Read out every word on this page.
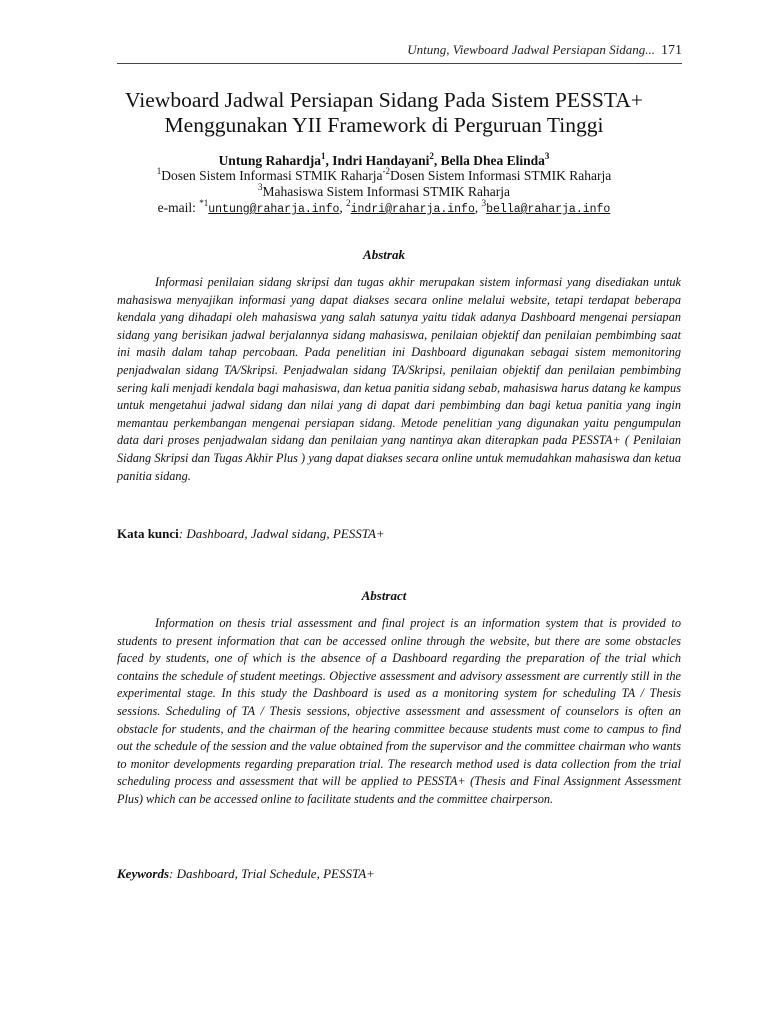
Untung, Viewboard Jadwal Persiapan Sidang... 171
Viewboard Jadwal Persiapan Sidang Pada Sistem PESSTA+
Menggunakan YII Framework di Perguruan Tinggi
Untung Rahardja$^1$, Indri Handayani$^2$, Bella Dhea Elinda$^3$
$^1$Dosen Sistem Informasi STMIK Raharja$^{-2}$Dosen Sistem Informasi STMIK Raharja
$^3$Mahasiswa Sistem Informasi STMIK Raharja
e-mail: $^{*1}$untung@raharja.info, $^2$indri@raharja.info, $^3$bella@raharja.info
Abstrak

Informasi penilaian sidang skripsi dan tugas akhir merupakan sistem informasi yang disediakan untuk mahasiswa menyajikan informasi yang dapat diakses secara online melalui website, tetapi terdapat beberapa kendala yang dihadapi oleh mahasiswa yang salah satunya yaitu tidak adanya Dashboard mengenai persiapan sidang yang berisikan jadwal berjalannya sidang mahasiswa, penilaian objektif dan penilaian pembimbing saat ini masih dalam tahap percobaan. Pada penelitian ini Dashboard digunakan sebagai sistem memonitoring penjadwalan sidang TA/Skripsi. Penjadwalan sidang TA/Skripsi, penilaian objektif dan penilaian pembimbing sering kali menjadi kendala bagi mahasiswa, dan ketua panitia sidang sebab, mahasiswa harus datang ke kampus untuk mengetahui jadwal sidang dan nilai yang di dapat dari pembimbing dan bagi ketua panitia yang ingin memantau perkembangan mengenai persiapan sidang. Metode penelitian yang digunakan yaitu pengumpulan data dari proses penjadwalan sidang dan penilaian yang nantinya akan diterapkan pada PESSTA+ ( Penilaian Sidang Skripsi dan Tugas Akhir Plus ) yang dapat diakses secara online untuk memudahkan mahasiswa dan ketua panitia sidang.

Kata kunci: Dashboard, Jadwal sidang, PESSTA+
Abstract

Information on thesis trial assessment and final project is an information system that is provided to students to present information that can be accessed online through the website, but there are some obstacles faced by students, one of which is the absence of a Dashboard regarding the preparation of the trial which contains the schedule of student meetings. Objective assessment and advisory assessment are currently still in the experimental stage. In this study the Dashboard is used as a monitoring system for scheduling TA / Thesis sessions. Scheduling of TA / Thesis sessions, objective assessment and assessment of counselors is often an obstacle for students, and the chairman of the hearing committee because students must come to campus to find out the schedule of the session and the value obtained from the supervisor and the committee chairman who wants to monitor developments regarding preparation trial. The research method used is data collection from the trial scheduling process and assessment that will be applied to PESSTA+ (Thesis and Final Assignment Assessment Plus) which can be accessed online to facilitate students and the committee chairperson.

Keywords: Dashboard, Trial Schedule, PESSTA+
